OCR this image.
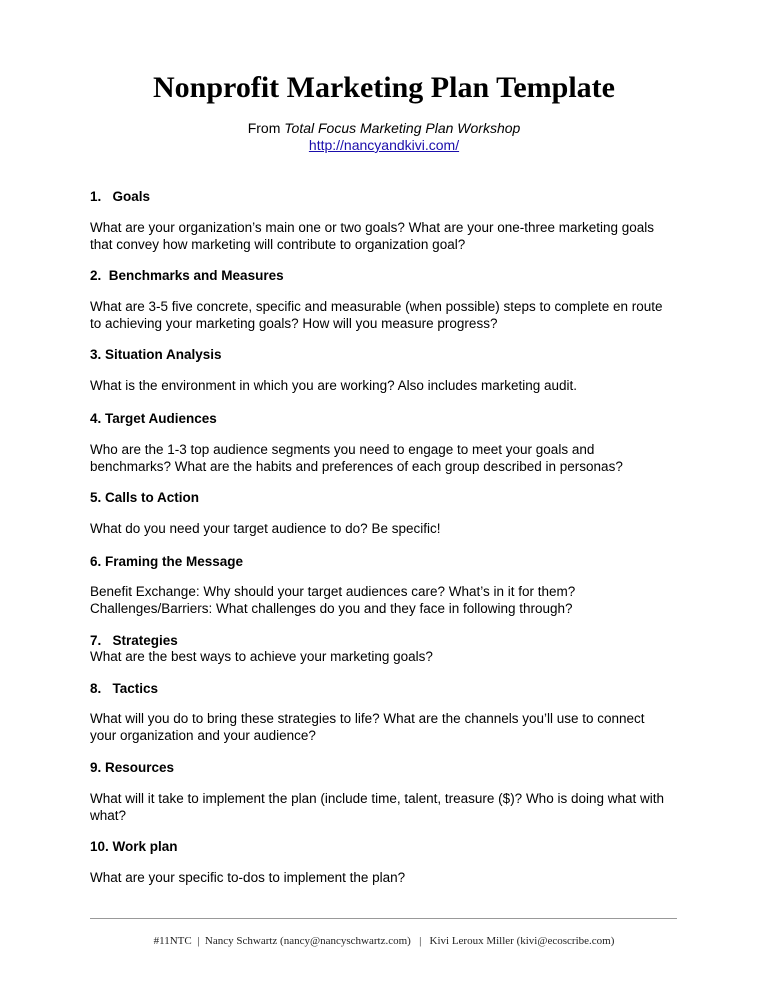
Nonprofit Marketing Plan Template
From Total Focus Marketing Plan Workshop
http://nancyandkivi.com/

1.   Goals

What are your organization’s main one or two goals? What are your one-three marketing goals
that convey how marketing will contribute to organization goal?

2.  Benchmarks and Measures

What are 3-5 five concrete, specific and measurable (when possible) steps to complete en route
to achieving your marketing goals? How will you measure progress?

3. Situation Analysis

What is the environment in which you are working? Also includes marketing audit.

4. Target Audiences

Who are the 1-3 top audience segments you need to engage to meet your goals and
benchmarks? What are the habits and preferences of each group described in personas?

5. Calls to Action

What do you need your target audience to do? Be specific!

6. Framing the Message

Benefit Exchange: Why should your target audiences care? What’s in it for them?
Challenges/Barriers: What challenges do you and they face in following through?

7.   Strategies

What are the best ways to achieve your marketing goals?

8.   Tactics

What will you do to bring these strategies to life? What are the channels you’ll use to connect
your organization and your audience?

9. Resources

What will it take to implement the plan (include time, talent, treasure ($)? Who is doing what with
what?

10. Work plan

What are your specific to-dos to implement the plan?

#11NTC  |  Nancy Schwartz (nancy@nancyschwartz.com)   |   Kivi Leroux Miller (kivi@ecoscribe.com)
